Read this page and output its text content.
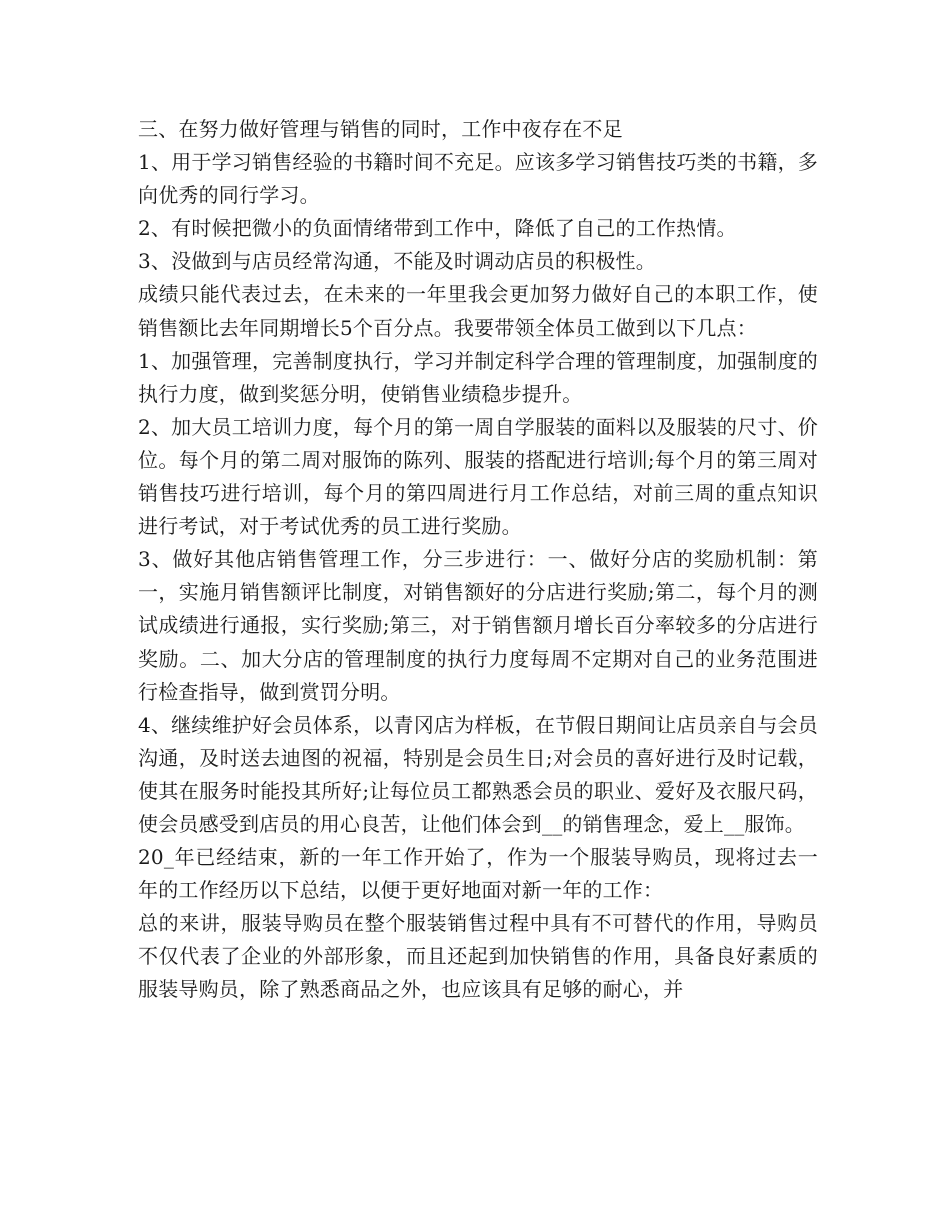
三、在努力做好管理与销售的同时，工作中夜存在不足

1、用于学习销售经验的书籍时间不充足。应该多学习销售技巧类的书籍，多向优秀的同行学习。

2、有时候把微小的负面情绪带到工作中，降低了自己的工作热情。

3、没做到与店员经常沟通，不能及时调动店员的积极性。

成绩只能代表过去，在未来的一年里我会更加努力做好自己的本职工作，使销售额比去年同期增长5个百分点。我要带领全体员工做到以下几点：

1、加强管理，完善制度执行，学习并制定科学合理的管理制度，加强制度的执行力度，做到奖惩分明，使销售业绩稳步提升。

2、加大员工培训力度，每个月的第一周自学服装的面料以及服装的尺寸、价位。每个月的第二周对服饰的陈列、服装的搭配进行培训;每个月的第三周对销售技巧进行培训，每个月的第四周进行月工作总结，对前三周的重点知识进行考试，对于考试优秀的员工进行奖励。

3、做好其他店销售管理工作，分三步进行：一、做好分店的奖励机制：第一，实施月销售额评比制度，对销售额好的分店进行奖励;第二，每个月的测试成绩进行通报，实行奖励;第三，对于销售额月增长百分率较多的分店进行奖励。二、加大分店的管理制度的执行力度每周不定期对自己的业务范围进行检查指导，做到赏罚分明。

4、继续维护好会员体系，以青冈店为样板，在节假日期间让店员亲自与会员沟通，及时送去迪图的祝福，特别是会员生日;对会员的喜好进行及时记载，使其在服务时能投其所好;让每位员工都熟悉会员的职业、爱好及衣服尺码，使会员感受到店员的用心良苦，让他们体会到__的销售理念，爱上__服饰。

20_年已经结束，新的一年工作开始了，作为一个服装导购员，现将过去一年的工作经历以下总结，以便于更好地面对新一年的工作：

总的来讲，服装导购员在整个服装销售过程中具有不可替代的作用，导购员不仅代表了企业的外部形象，而且还起到加快销售的作用，具备良好素质的服装导购员，除了熟悉商品之外，也应该具有足够的耐心，并
